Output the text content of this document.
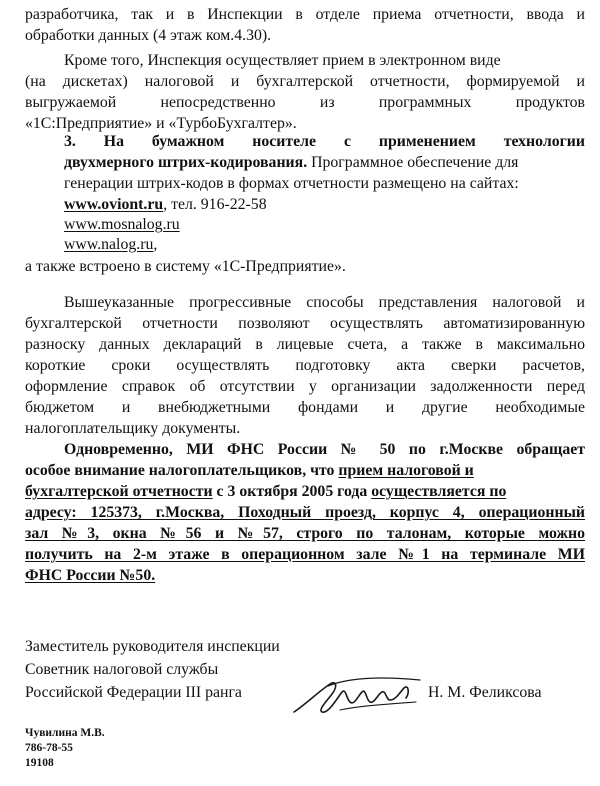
разработчика, так и в Инспекции в отделе приема отчетности, ввода и
обработки данных (4 этаж ком.4.30).
Кроме того, Инспекция осуществляет прием в электронном виде
(на дискетах) налоговой и бухгалтерской отчетности, формируемой и
выгружаемой непосредственно из программных продуктов
«1С:Предприятие» и «ТурбоБухгалтер».
3. На бумажном носителе с применением технологии
двухмерного штрих-кодирования. Программное обеспечение для
генерации штрих-кодов в формах отчетности размещено на сайтах:
www.oviont.ru, тел. 916-22-58
www.mosnalog.ru
www.nalog.ru,
а также встроено в систему «1С-Предприятие».
Вышеуказанные прогрессивные способы представления налоговой и
бухгалтерской отчетности позволяют осуществлять автоматизированную
разноску данных деклараций в лицевые счета, а также в максимально
короткие сроки осуществлять подготовку акта сверки расчетов,
оформление справок об отсутствии у организации задолженности перед
бюджетом и внебюджетными фондами и другие необходимые
налогоплательщику документы.
Одновременно, МИ ФНС России № 50 по г.Москве обращает
особое внимание налогоплательщиков, что прием налоговой и
бухгалтерской отчетности с 3 октября 2005 года осуществляется по
адресу: 125373, г.Москва, Походный проезд, корпус 4, операционный
зал №3, окна №56 и №57, строго по талонам, которые можно
получить на 2-м этаже в операционном зале №1 на терминале МИ
ФНС России №50.
Заместитель руководителя инспекции
Советник налоговой службы
Российской Федерации III ранга	Н. М. Феликсова
Чувилина М.В.
786-78-55
19108
